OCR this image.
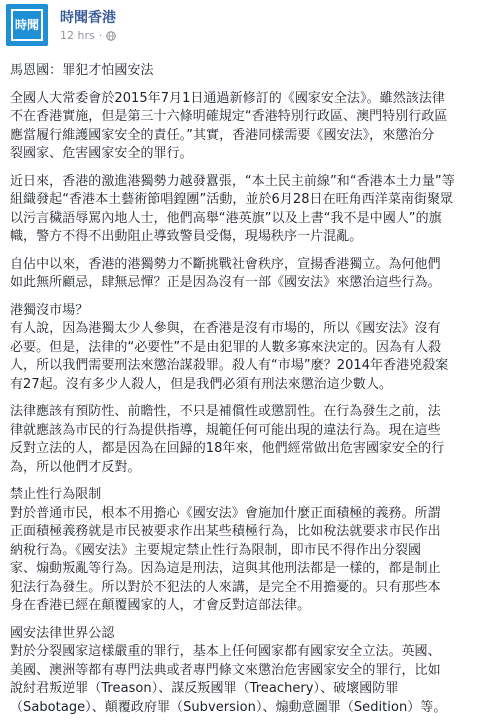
時聞 時聞香港
12 hrs ·

馬恩國：罪犯才怕國安法

全國人大常委會於2015年7月1日通過新修訂的《國家安全法》。雖然該法律
不在香港實施，但是第三十六條明確規定“香港特別行政區、澳門特別行政區
應當履行維護國家安全的責任。”其實，香港同樣需要《國安法》，來懲治分
裂國家、危害國家安全的罪行。

近日來，香港的激進港獨勢力越發囂張，“本土民主前線”和“香港本土力量”等
組織發起“香港本土藝術節唱鍠團”活動，並於6月28日在旺角西洋菜南街聚眾
以污言穢語辱罵內地人士，他們高舉“港英旗”以及上書“我不是中國人”的旗
幟，警方不得不出動阻止導致警員受傷，現場秩序一片混亂。

自佔中以來，香港的港獨勢力不斷挑戰社會秩序，宣揚香港獨立。為何他們
如此無所顧忌，肆無忌憚？正是因為沒有一部《國安法》來懲治這些行為。

港獨沒市場？

有人說，因為港獨太少人參與，在香港是沒有市場的，所以《國安法》沒有
必要。但是，法律的“必要性”不是由犯罪的人數多寡來決定的。因為有人殺
人，所以我們需要刑法來懲治謀殺罪。殺人有“市場”麼？2014年香港兇殺案
有27起。沒有多少人殺人，但是我們必須有刑法來懲治這少數人。

法律應該有預防性、前瞻性，不只是補償性或懲罰性。在行為發生之前，法
律就應該為市民的行為提供指導，規範任何可能出現的違法行為。現在這些
反對立法的人，都是因為在回歸的18年來，他們經常做出危害國家安全的行
為，所以他們才反對。

禁止性行為限制

對於普通市民，根本不用擔心《國安法》會施加什麼正面積極的義務。所謂
正面積極義務就是市民被要求作出某些積極行為，比如稅法就要求市民作出
納稅行為。《國安法》主要規定禁止性行為限制，即市民不得作出分裂國
家、煽動叛亂等行為。因為這是刑法，這與其他刑法都是一樣的，都是制止
犯法行為發生。所以對於不犯法的人來講，是完全不用擔憂的。只有那些本
身在香港已經在顛覆國家的人，才會反對這部法律。

國安法律世界公認

對於分裂國家這樣嚴重的罪行，基本上任何國家都有國家安全立法。英國、
美國、澳洲等都有專門法典或者專門條文來懲治危害國家安全的罪行，比如
說紂君叛逆罪（Treason）、謀反叛國罪（Treachery）、破壞國防罪
（Sabotage）、顛覆政府罪（Subversion）、煽動意圖罪（Sedition）等。
